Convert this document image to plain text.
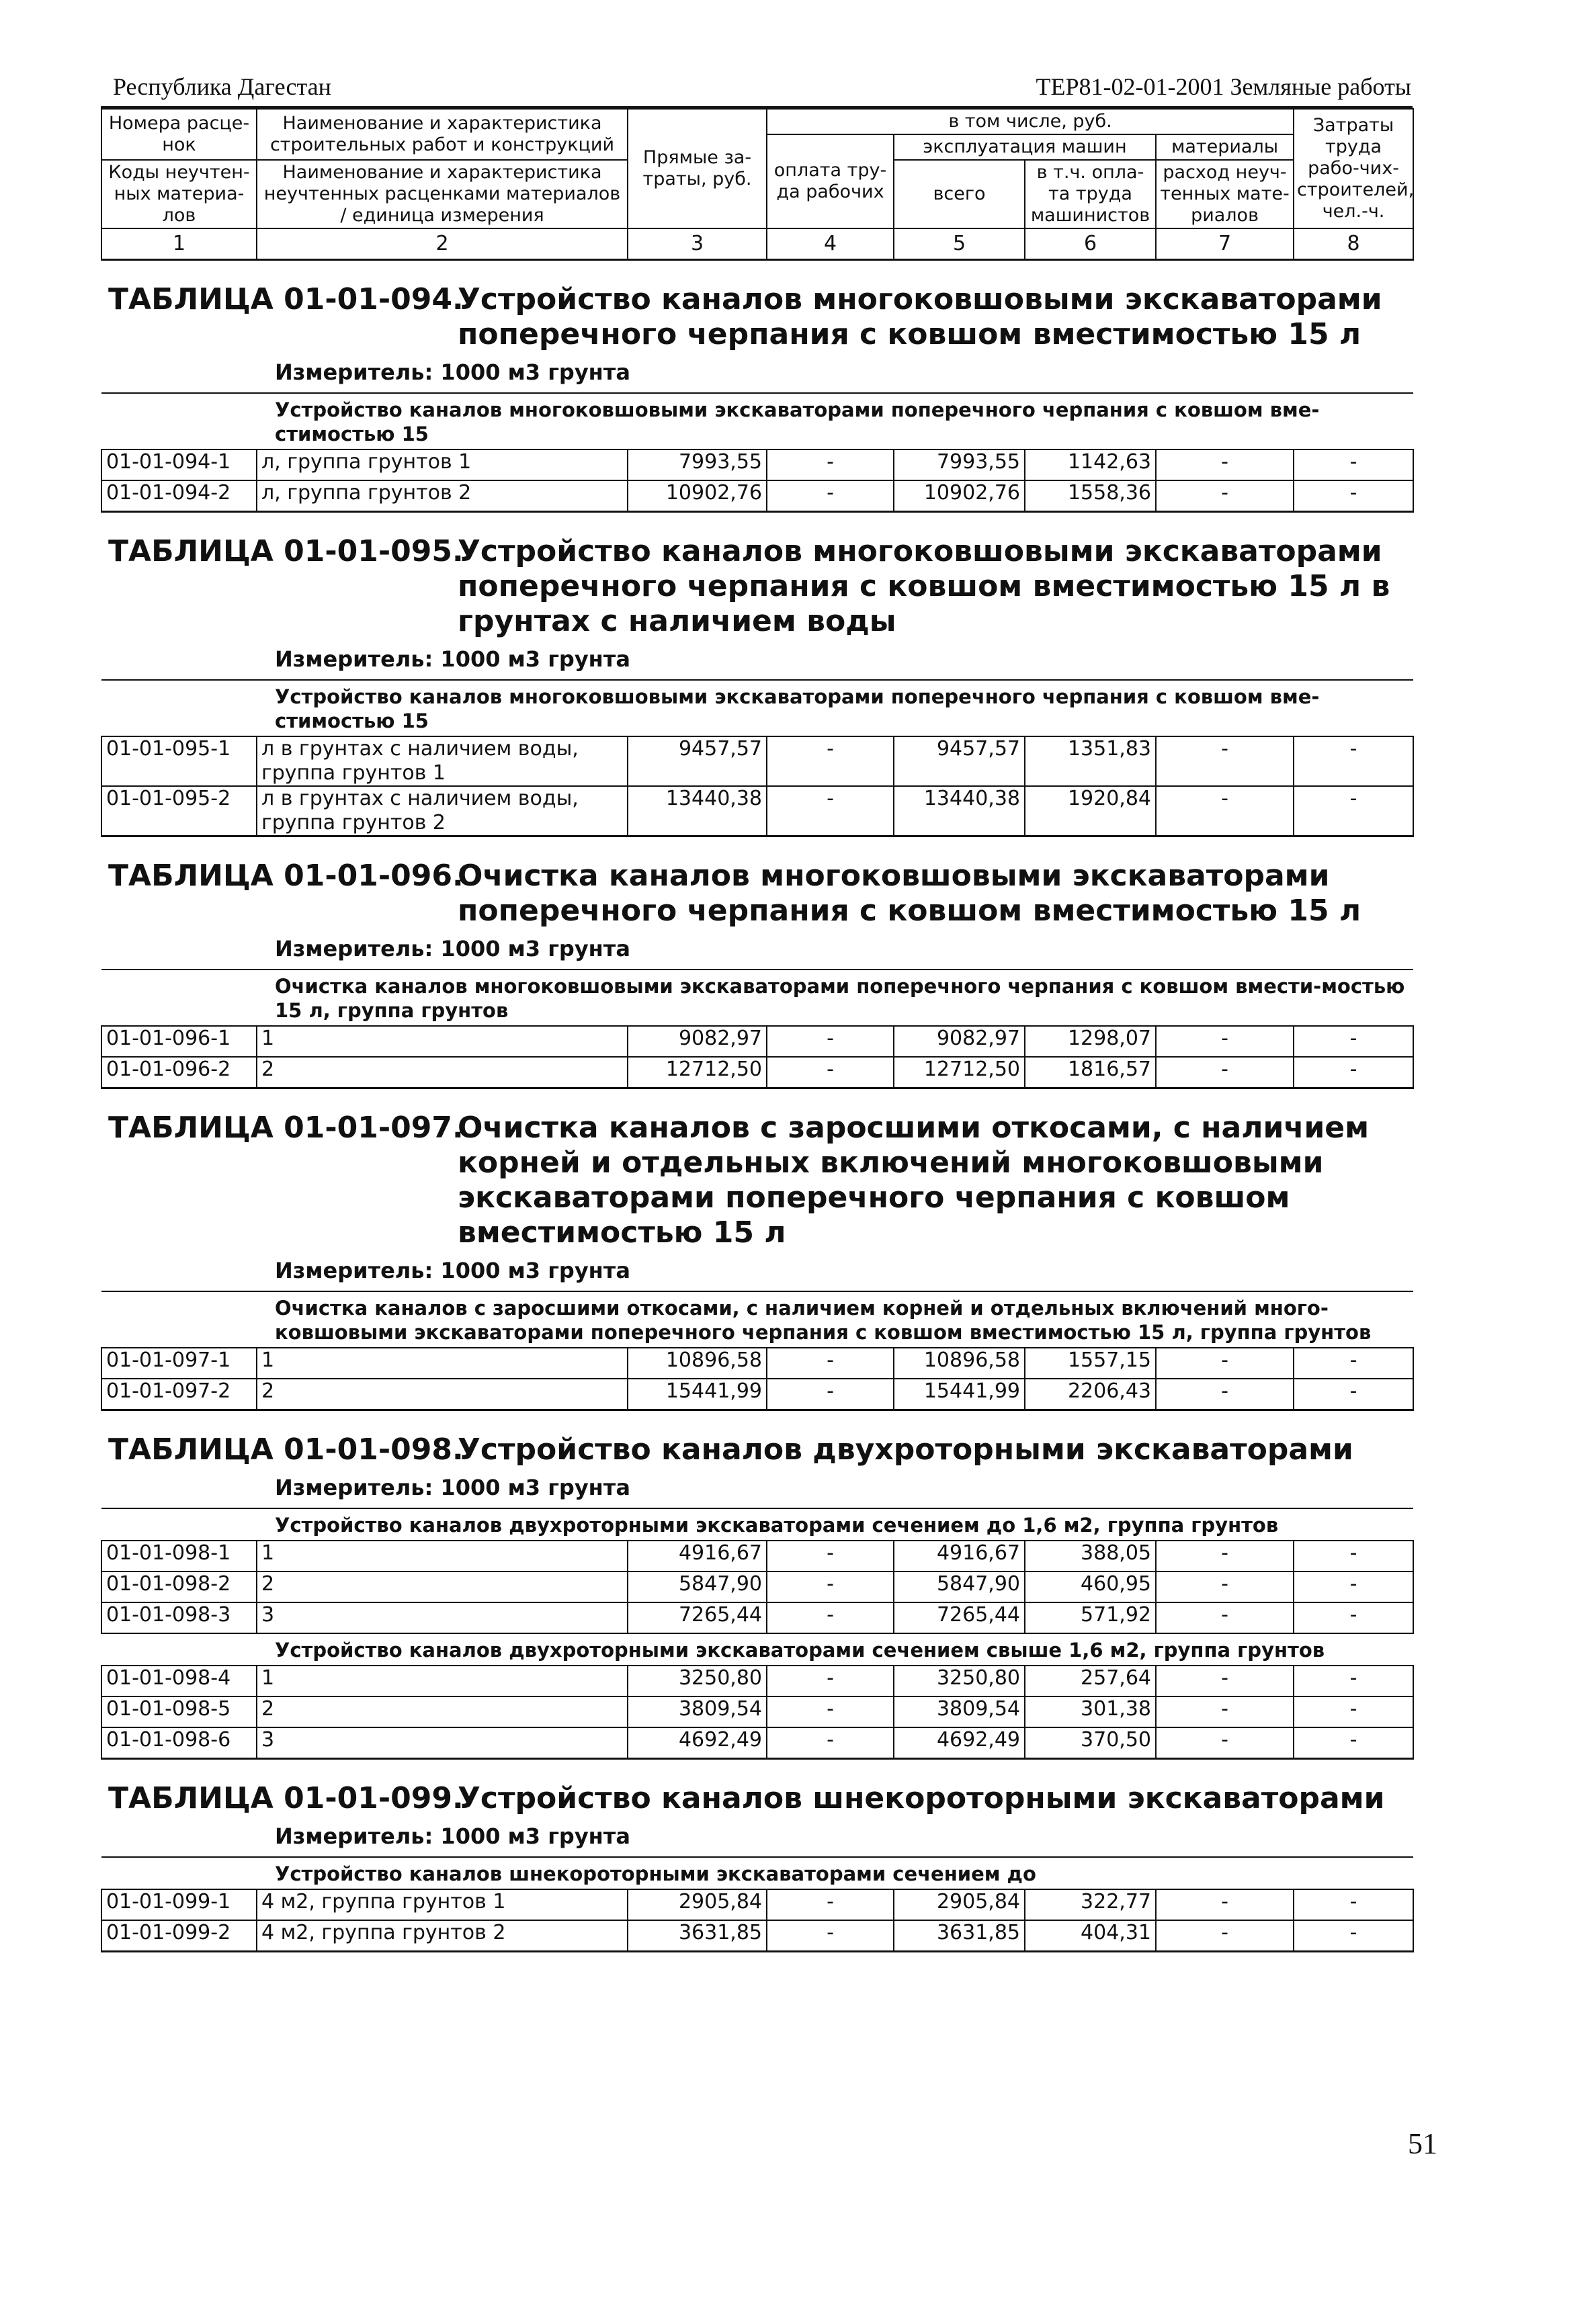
Республика Дагестан	ТЕР81-02-01-2001 Земляные работы
Номера расце-нок	Наименование и характеристика строительных работ и конструкций	Прямые за-траты, руб.	в том числе, руб.				Затраты труда рабо-чих-строителей, чел.-ч.
			оплата тру-да рабочих	эксплуатация машин		материалы	
				всего	в т.ч. опла-та труда машинистов	расход неуч-тенных мате-риалов	
Коды неучтен-ных материа-лов	Наименование и характеристика неучтенных расценками материалов / единица измерения						

1	2	3	4	5	6	7	8

ТАБЛИЦА 01-01-094.
Устройство каналов многоковшовыми экскаваторами поперечного черпания с ковшом вместимостью 15 л							

Измеритель: 1000 м3 грунта							

Устройство каналов многоковшовыми экскаваторами поперечного черпания с ковшом вме-стимостью 15							
01-01-094-1	л, группа грунтов 1	7993,55	-	7993,55	1142,63	-	-
01-01-094-2	л, группа грунтов 2	10902,76	-	10902,76	1558,36	-	-

ТАБЛИЦА 01-01-095.
Устройство каналов многоковшовыми экскаваторами поперечного черпания с ковшом вместимостью 15 л в грунтах с наличием воды							

Измеритель: 1000 м3 грунта							

Устройство каналов многоковшовыми экскаваторами поперечного черпания с ковшом вме-стимостью 15							
01-01-095-1	л в грунтах с наличием воды, группа грунтов 1	9457,57	-	9457,57	1351,83	-	-
01-01-095-2	л в грунтах с наличием воды, группа грунтов 2	13440,38	-	13440,38	1920,84	-	-

ТАБЛИЦА 01-01-096.
Очистка каналов многоковшовыми экскаваторами поперечного черпания с ковшом вместимостью 15 л							

Измеритель: 1000 м3 грунта							

Очистка каналов многоковшовыми экскаваторами поперечного черпания с ковшом вмести-мостью 15 л, группа грунтов							
01-01-096-1	1	9082,97	-	9082,97	1298,07	-	-
01-01-096-2	2	12712,50	-	12712,50	1816,57	-	-

ТАБЛИЦА 01-01-097.
Очистка каналов с заросшими откосами, с наличием корней и отдельных включений многоковшовыми экскаваторами поперечного черпания с ковшом вместимостью 15 л							

Измеритель: 1000 м3 грунта							

Очистка каналов с заросшими откосами, с наличием корней и отдельных включений много-ковшовыми экскаваторами поперечного черпания с ковшом вместимостью 15 л, группа грунтов							
01-01-097-1	1	10896,58	-	10896,58	1557,15	-	-
01-01-097-2	2	15441,99	-	15441,99	2206,43	-	-

ТАБЛИЦА 01-01-098.
Устройство каналов двухроторными экскаваторами							

Измеритель: 1000 м3 грунта							

Устройство каналов двухроторными экскаваторами сечением до 1,6 м2, группа грунтов							
01-01-098-1	1	4916,67	-	4916,67	388,05	-	-
01-01-098-2	2	5847,90	-	5847,90	460,95	-	-
01-01-098-3	3	7265,44	-	7265,44	571,92	-	-
Устройство каналов двухроторными экскаваторами сечением свыше 1,6 м2, группа грунтов							
01-01-098-4	1	3250,80	-	3250,80	257,64	-	-
01-01-098-5	2	3809,54	-	3809,54	301,38	-	-
01-01-098-6	3	4692,49	-	4692,49	370,50	-	-

ТАБЛИЦА 01-01-099.
Устройство каналов шнекороторными экскаваторами							

Измеритель: 1000 м3 грунта							

Устройство каналов шнекороторными экскаваторами сечением до							
01-01-099-1	4 м2, группа грунтов 1	2905,84	-	2905,84	322,77	-	-
01-01-099-2	4 м2, группа грунтов 2	3631,85	-	3631,85	404,31	-	-
51
